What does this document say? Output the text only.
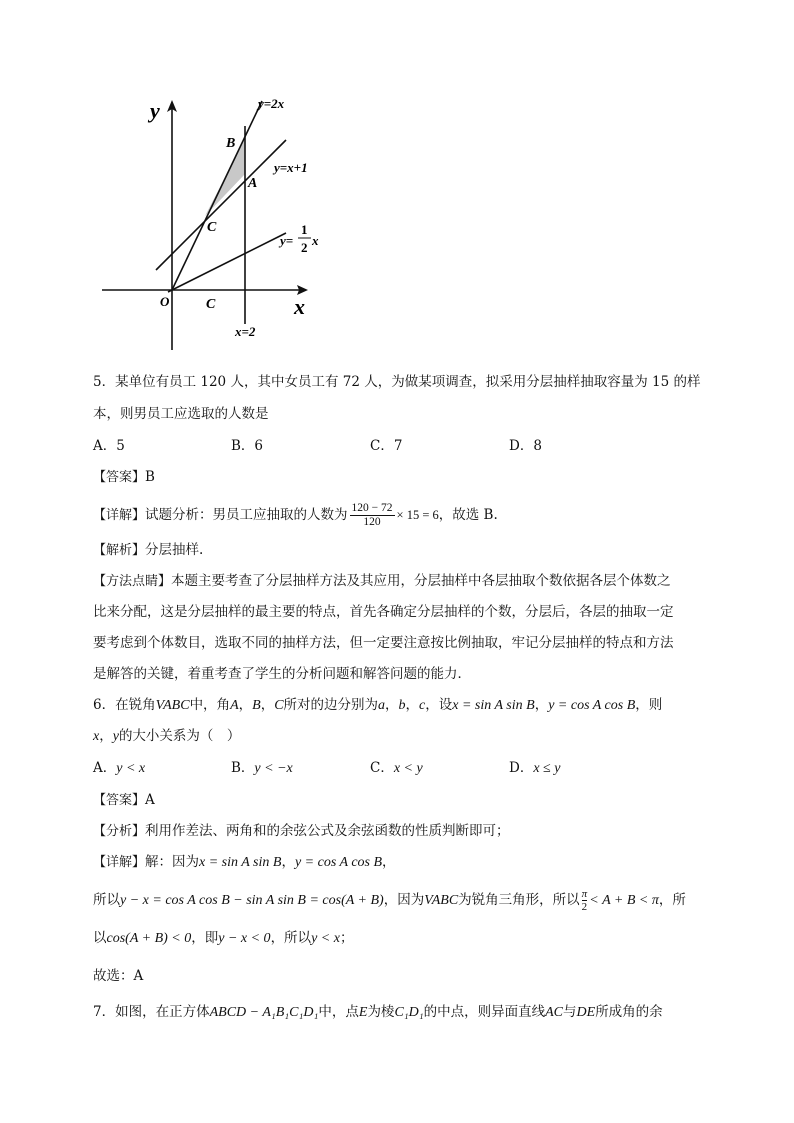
y
x
O
y=2x
y=x+1
y=
1
2 x
x=2
B
A
C
C
5．某单位有员工 120 人，其中女员工有 72 人，为做某项调查，拟采用分层抽样抽取容量为 15 的样
本，则男员工应选取的人数是
A．5	B．6	C．7	D．8
【答案】B
【详解】试题分析：男员工应抽取的人数为 $\frac{120 - 72}{120} \times 15 = 6$，故选 B.
【解析】分层抽样.
【方法点睛】本题主要考查了分层抽样方法及其应用，分层抽样中各层抽取个数依据各层个体数之
比来分配，这是分层抽样的最主要的特点，首先各确定分层抽样的个数，分层后，各层的抽取一定
要考虑到个体数目，选取不同的抽样方法，但一定要注意按比例抽取，牢记分层抽样的特点和方法
是解答的关键，着重考查了学生的分析问题和解答问题的能力．
6．在锐角VABC中，角A，B，C所对的边分别为a，b，c，设x = sin A sin B，y = cos A cos B，则
x，y的大小关系为（　）
A．y < x	B．y < −x	C．x < y	D．x ≤ y
【答案】A
【分析】利用作差法、两角和的余弦公式及余弦函数的性质判断即可；
【详解】解：因为x = sin A sin B，y = cos A cos B，
所以y − x = cos A cos B − sin A sin B = cos(A + B)，因为VABC为锐角三角形，所以 $\frac{\pi}{2} < A + B < \pi$，所
以cos(A + B) < 0，即y − x < 0，所以y < x；
故选：A
7．如图，在正方体ABCD − A₁B₁C₁D₁中，点E为棱C₁D₁的中点，则异面直线AC与DE所成角的余
